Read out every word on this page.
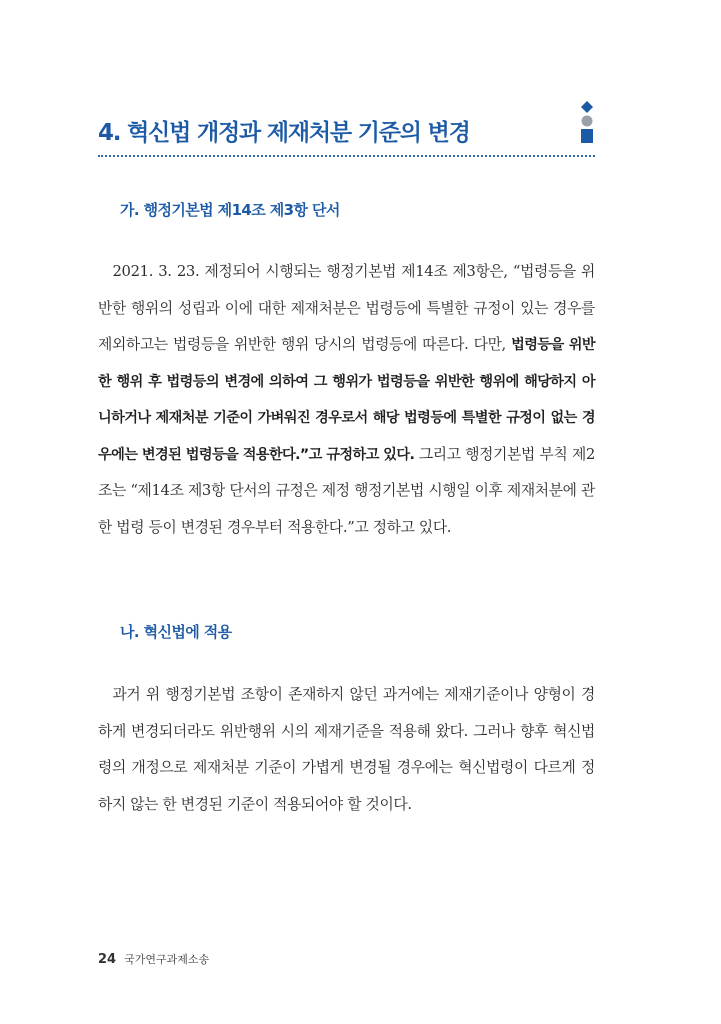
4. 혁신법 개정과 제재처분 기준의 변경
가. 행정기본법 제14조 제3항 단서

 2021. 3. 23. 제정되어 시행되는 행정기본법 제14조 제3항은, “법령등을 위반한 행위의 성립과 이에 대한 제재처분은 법령등에 특별한 규정이 있는 경우를 제외하고는 법령등을 위반한 행위 당시의 법령등에 따른다. 다만, 법령등을 위반한 행위 후 법령등의 변경에 의하여 그 행위가 법령등을 위반한 행위에 해당하지 아니하거나 제재처분 기준이 가벼워진 경우로서 해당 법령등에 특별한 규정이 없는 경우에는 변경된 법령등을 적용한다.”고 규정하고 있다. 그리고 행정기본법 부칙 제2조는 “제14조 제3항 단서의 규정은 제정 행정기본법 시행일 이후 제재처분에 관한 법령 등이 변경된 경우부터 적용한다.”고 정하고 있다.

나. 혁신법에 적용

 과거 위 행정기본법 조항이 존재하지 않던 과거에는 제재기준이나 양형이 경하게 변경되더라도 위반행위 시의 제재기준을 적용해 왔다. 그러나 향후 혁신법령의 개정으로 제재처분 기준이 가볍게 변경될 경우에는 혁신법령이 다르게 정하지 않는 한 변경된 기준이 적용되어야 할 것이다.

24 국가연구과제소송
